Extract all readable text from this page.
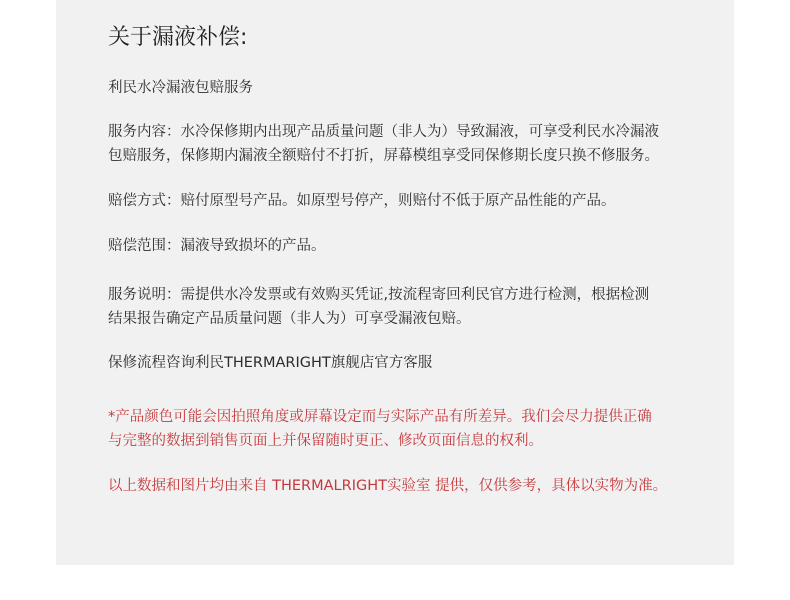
关于漏液补偿:
利民水冷漏液包赔服务
服务内容：水冷保修期内出现产品质量问题（非人为）导致漏液，可享受利民水冷漏液
包赔服务，保修期内漏液全额赔付不打折，屏幕模组享受同保修期长度只换不修服务。
赔偿方式：赔付原型号产品。如原型号停产，则赔付不低于原产品性能的产品。
赔偿范围：漏液导致损坏的产品。
服务说明：需提供水冷发票或有效购买凭证,按流程寄回利民官方进行检测，根据检测
结果报告确定产品质量问题（非人为）可享受漏液包赔。
保修流程咨询利民THERMARIGHT旗舰店官方客服
*产品颜色可能会因拍照角度或屏幕设定而与实际产品有所差异。我们会尽力提供正确
与完整的数据到销售页面上并保留随时更正、修改页面信息的权利。
以上数据和图片均由来自 THERMALRIGHT实验室 提供，仅供参考，具体以实物为准。
